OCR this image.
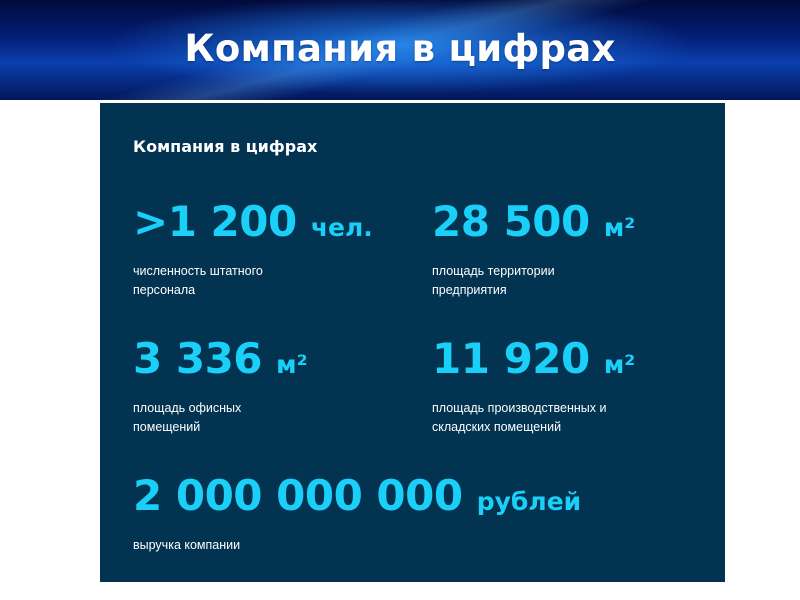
Компания в цифрах
Компания в цифрах
>1 200 чел.
численность штатного
персонала
28 500 м²
площадь территории
предприятия
3 336 м²
площадь офисных
помещений
11 920 м²
площадь производственных и
складских помещений
2 000 000 000 рублей
выручка компании
